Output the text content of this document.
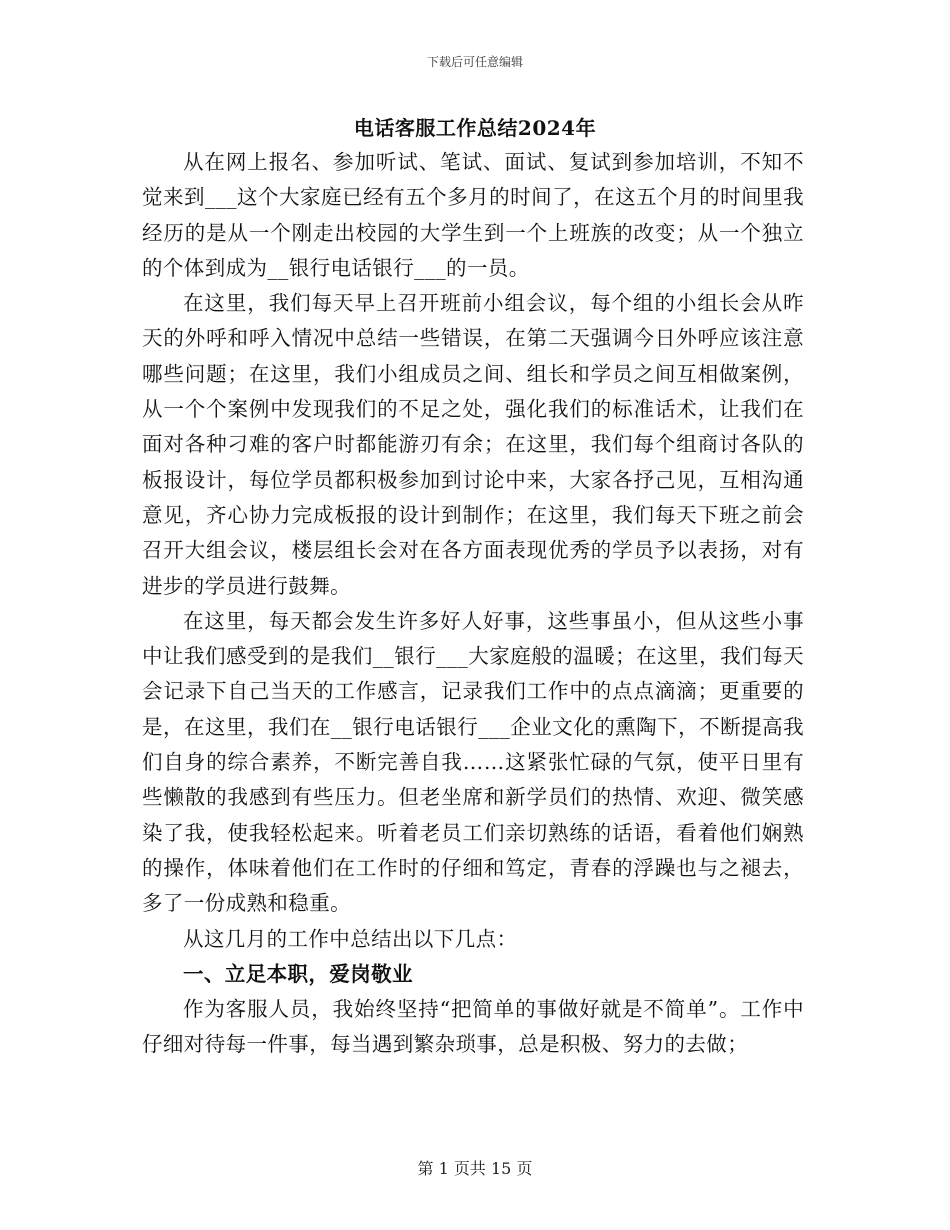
下载后可任意编辑
电话客服工作总结2024年

从在网上报名、参加听试、笔试、面试、复试到参加培训，不知不觉来到___这个大家庭已经有五个多月的时间了，在这五个月的时间里我经历的是从一个刚走出校园的大学生到一个上班族的改变；从一个独立的个体到成为__银行电话银行___的一员。

在这里，我们每天早上召开班前小组会议，每个组的小组长会从昨天的外呼和呼入情况中总结一些错误，在第二天强调今日外呼应该注意哪些问题；在这里，我们小组成员之间、组长和学员之间互相做案例，从一个个案例中发现我们的不足之处，强化我们的标准话术，让我们在面对各种刁难的客户时都能游刃有余；在这里，我们每个组商讨各队的板报设计，每位学员都积极参加到讨论中来，大家各抒己见，互相沟通意见，齐心协力完成板报的设计到制作；在这里，我们每天下班之前会召开大组会议，楼层组长会对在各方面表现优秀的学员予以表扬，对有进步的学员进行鼓舞。

在这里，每天都会发生许多好人好事，这些事虽小，但从这些小事中让我们感受到的是我们__银行___大家庭般的温暖；在这里，我们每天会记录下自己当天的工作感言，记录我们工作中的点点滴滴；更重要的是，在这里，我们在__银行电话银行___企业文化的熏陶下，不断提高我们自身的综合素养，不断完善自我……这紧张忙碌的气氛，使平日里有些懒散的我感到有些压力。但老坐席和新学员们的热情、欢迎、微笑感染了我，使我轻松起来。听着老员工们亲切熟练的话语，看着他们娴熟的操作，体味着他们在工作时的仔细和笃定，青春的浮躁也与之褪去，多了一份成熟和稳重。

从这几月的工作中总结出以下几点：

一、立足本职，爱岗敬业

作为客服人员，我始终坚持“把简单的事做好就是不简单”。工作中仔细对待每一件事，每当遇到繁杂琐事，总是积极、努力的去做；

第 1 页共 15 页
